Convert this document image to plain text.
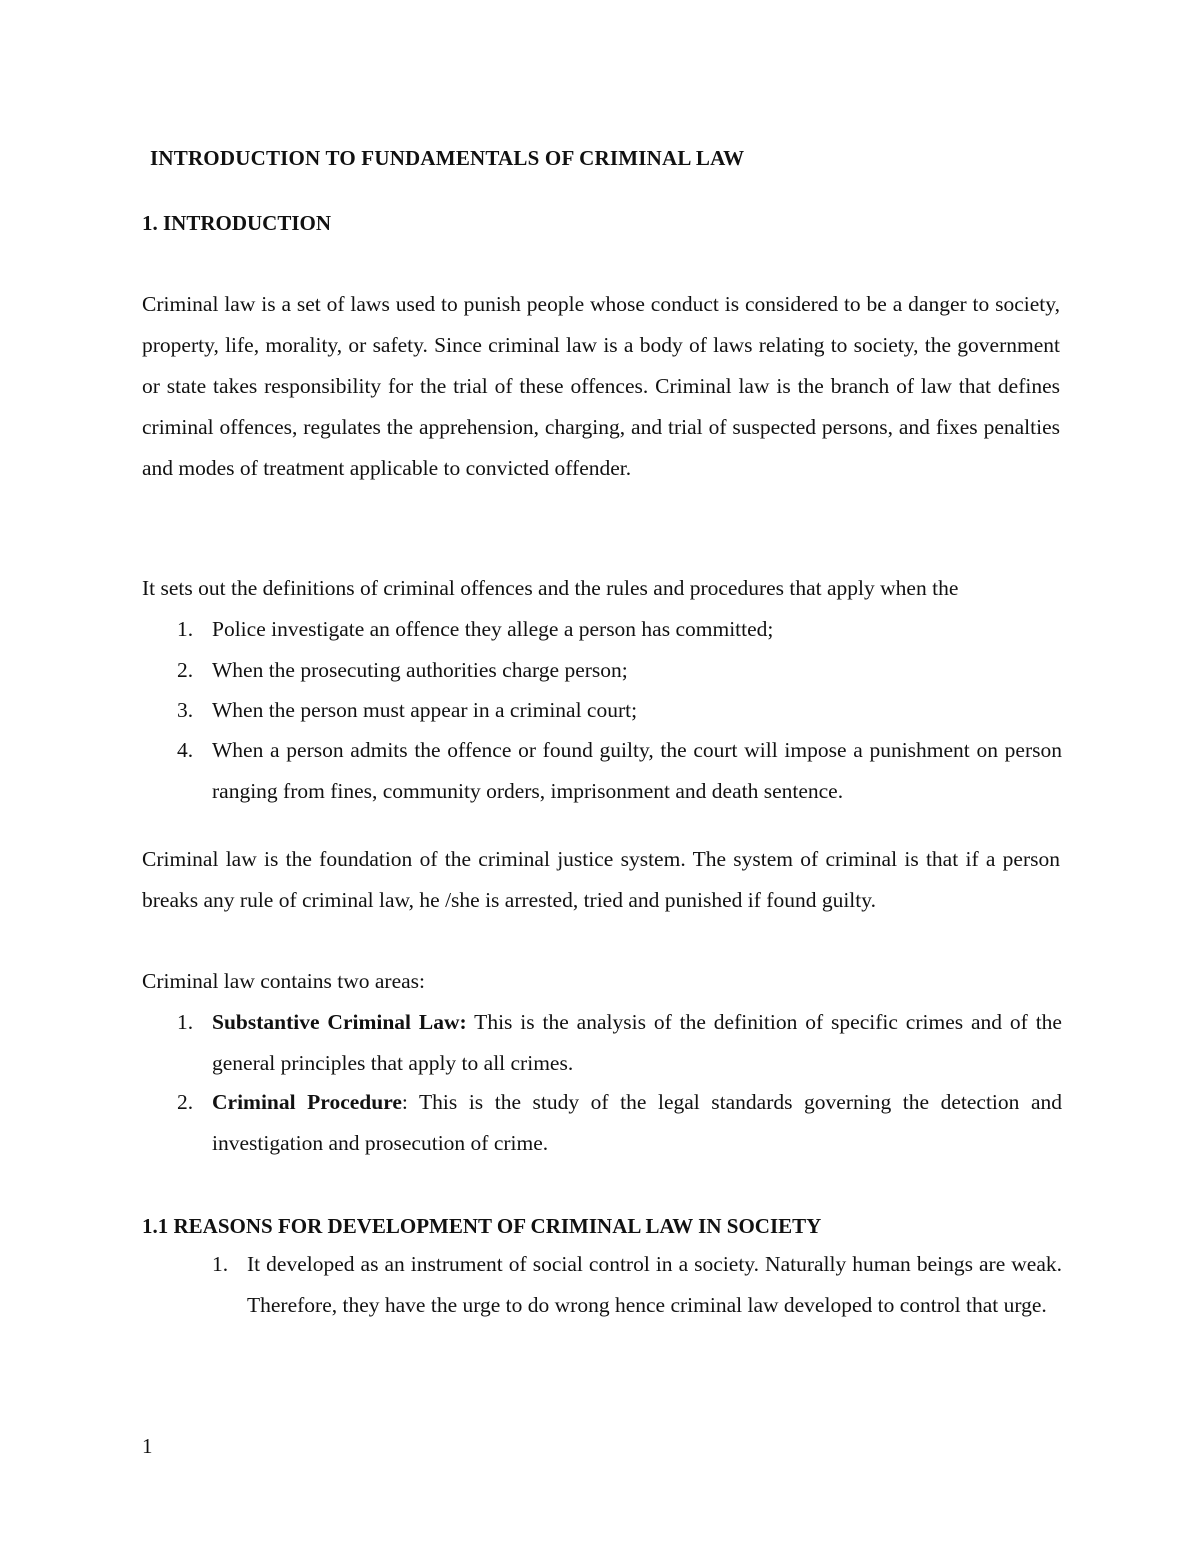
INTRODUCTION TO FUNDAMENTALS OF CRIMINAL LAW
1. INTRODUCTION
Criminal law is a set of laws used to punish people whose conduct is considered to be a danger to society, property, life, morality, or safety. Since criminal law is a body of laws relating to society, the government or state takes responsibility for the trial of these offences. Criminal law is the branch of law that defines criminal offences, regulates the apprehension, charging, and trial of suspected persons, and fixes penalties and modes of treatment applicable to convicted offender.
It sets out the definitions of criminal offences and the rules and procedures that apply when the
1. Police investigate an offence they allege a person has committed;
2. When the prosecuting authorities charge person;
3. When the person must appear in a criminal court;
4. When a person admits the offence or found guilty, the court will impose a punishment on person ranging from fines, community orders, imprisonment and death sentence.
Criminal law is the foundation of the criminal justice system. The system of criminal is that if a person breaks any rule of criminal law, he /she is arrested, tried and punished if found guilty.
Criminal law contains two areas:
1. Substantive Criminal Law: This is the analysis of the definition of specific crimes and of the general principles that apply to all crimes.
2. Criminal Procedure: This is the study of the legal standards governing the detection and investigation and prosecution of crime.
1.1 REASONS FOR DEVELOPMENT OF CRIMINAL LAW IN SOCIETY
1. It developed as an instrument of social control in a society. Naturally human beings are weak. Therefore, they have the urge to do wrong hence criminal law developed to control that urge.
1
